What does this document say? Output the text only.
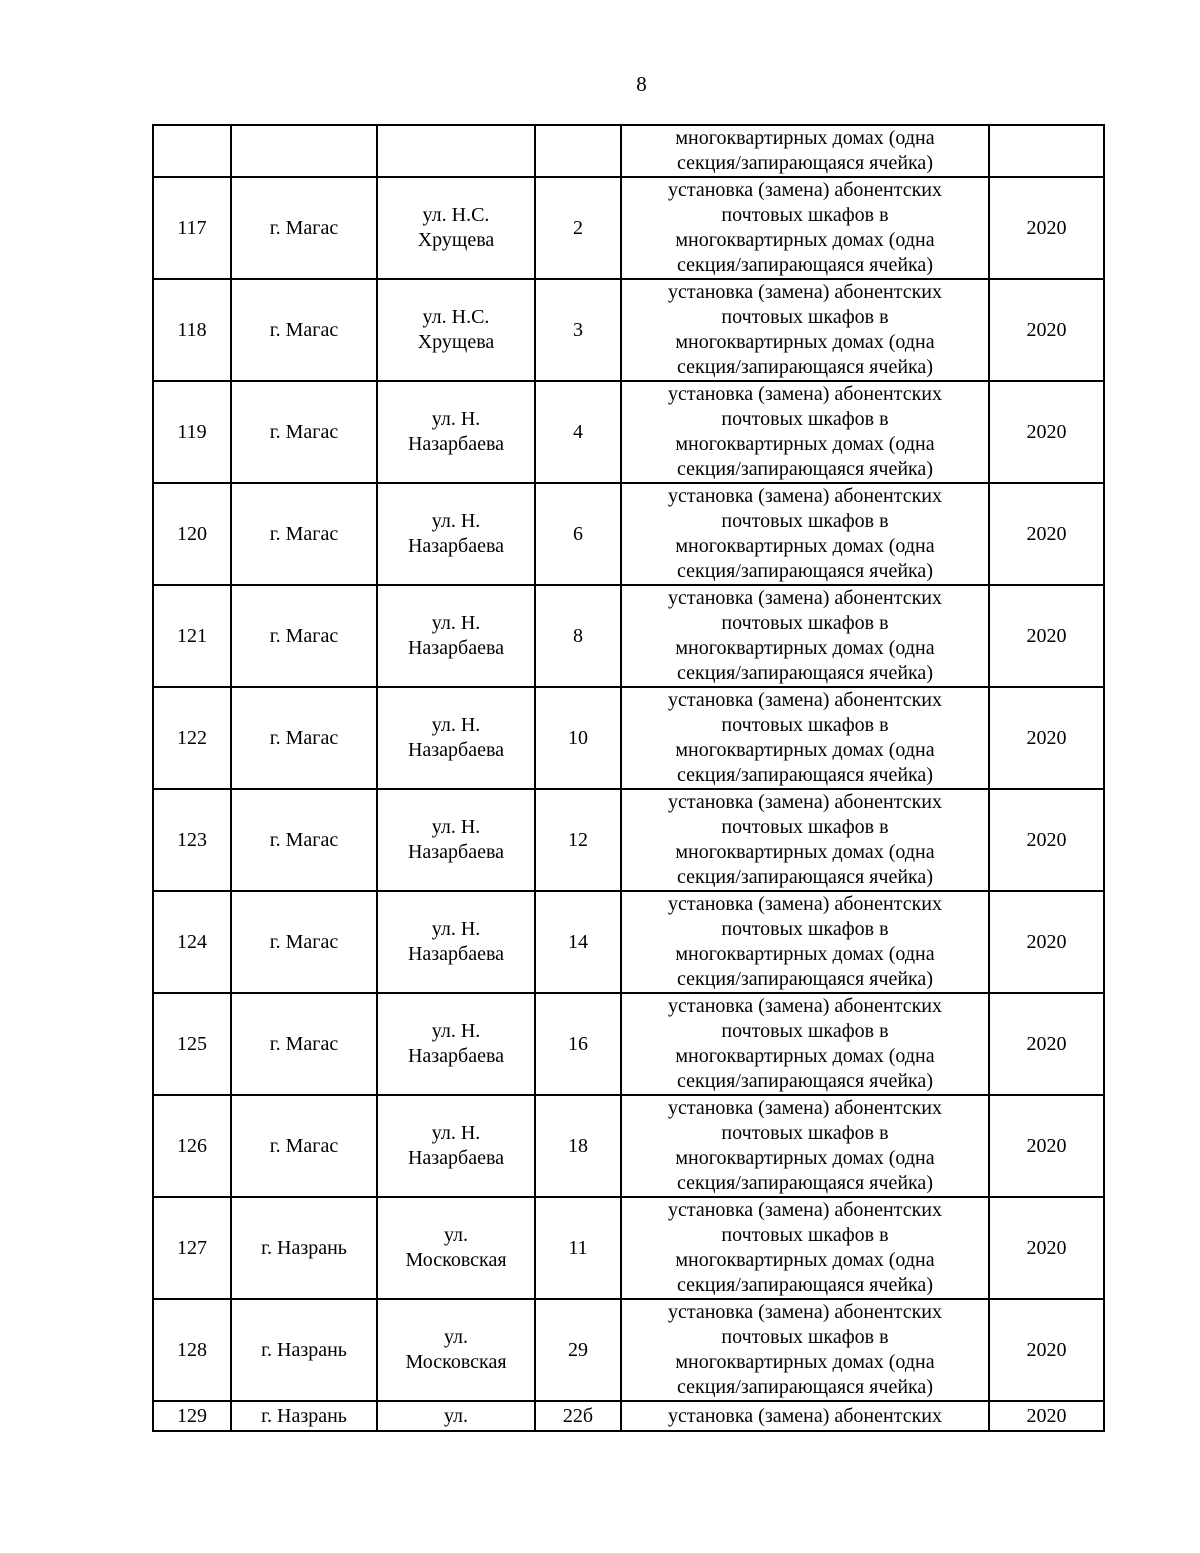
8

				многоквартирных домах (одна
секция/запирающаяся ячейка)	

117	г. Магас	ул. Н.С.
Хрущева	2	установка (замена) абонентских
почтовых шкафов в
многоквартирных домах (одна
секция/запирающаяся ячейка)	2020
118	г. Магас	ул. Н.С.
Хрущева	3	установка (замена) абонентских
почтовых шкафов в
многоквартирных домах (одна
секция/запирающаяся ячейка)	2020
119	г. Магас	ул. Н.
Назарбаева	4	установка (замена) абонентских
почтовых шкафов в
многоквартирных домах (одна
секция/запирающаяся ячейка)	2020
120	г. Магас	ул. Н.
Назарбаева	6	установка (замена) абонентских
почтовых шкафов в
многоквартирных домах (одна
секция/запирающаяся ячейка)	2020
121	г. Магас	ул. Н.
Назарбаева	8	установка (замена) абонентских
почтовых шкафов в
многоквартирных домах (одна
секция/запирающаяся ячейка)	2020
122	г. Магас	ул. Н.
Назарбаева	10	установка (замена) абонентских
почтовых шкафов в
многоквартирных домах (одна
секция/запирающаяся ячейка)	2020
123	г. Магас	ул. Н.
Назарбаева	12	установка (замена) абонентских
почтовых шкафов в
многоквартирных домах (одна
секция/запирающаяся ячейка)	2020
124	г. Магас	ул. Н.
Назарбаева	14	установка (замена) абонентских
почтовых шкафов в
многоквартирных домах (одна
секция/запирающаяся ячейка)	2020
125	г. Магас	ул. Н.
Назарбаева	16	установка (замена) абонентских
почтовых шкафов в
многоквартирных домах (одна
секция/запирающаяся ячейка)	2020
126	г. Магас	ул. Н.
Назарбаева	18	установка (замена) абонентских
почтовых шкафов в
многоквартирных домах (одна
секция/запирающаяся ячейка)	2020
127	г. Назрань	ул.
Московская	11	установка (замена) абонентских
почтовых шкафов в
многоквартирных домах (одна
секция/запирающаяся ячейка)	2020
128	г. Назрань	ул.
Московская	29	установка (замена) абонентских
почтовых шкафов в
многоквартирных домах (одна
секция/запирающаяся ячейка)	2020
129	г. Назрань	ул.	22б	установка (замена) абонентских	2020
